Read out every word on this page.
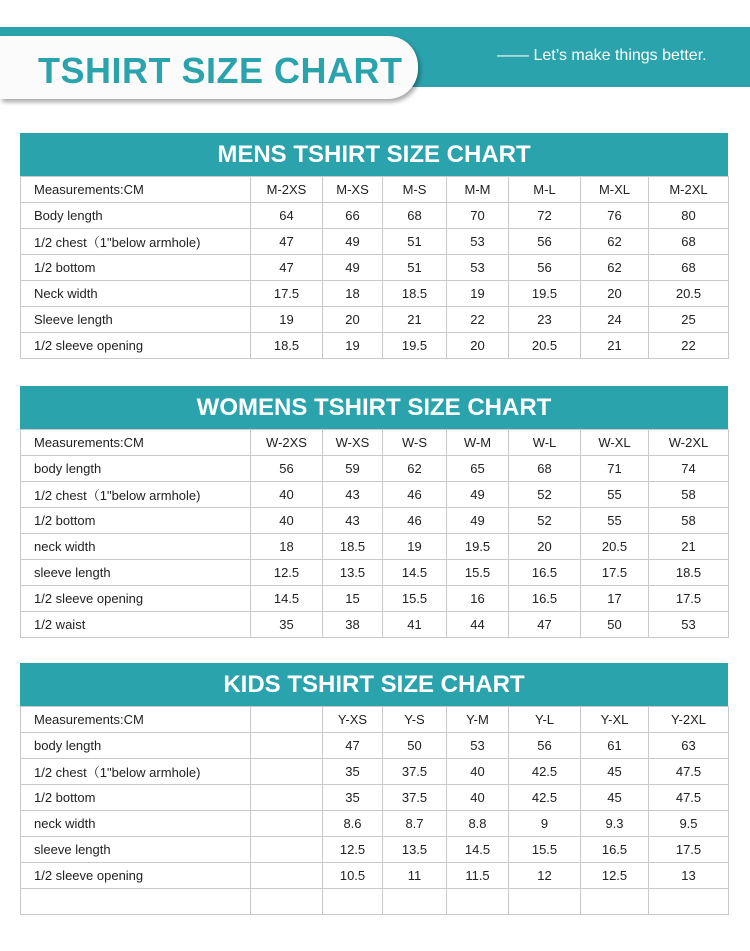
TSHIRT SIZE CHART	—— Let’s make things better.
MENS TSHIRT SIZE CHART
Measurements:CM	M-2XS	M-XS	M-S	M-M	M-L	M-XL	M-2XL
Body length	64	66	68	70	72	76	80
1/2 chest（1"below armhole)	47	49	51	53	56	62	68
1/2 bottom	47	49	51	53	56	62	68
Neck width	17.5	18	18.5	19	19.5	20	20.5
Sleeve length	19	20	21	22	23	24	25
1/2 sleeve opening	18.5	19	19.5	20	20.5	21	22
WOMENS TSHIRT SIZE CHART
Measurements:CM	W-2XS	W-XS	W-S	W-M	W-L	W-XL	W-2XL
body length	56	59	62	65	68	71	74
1/2 chest（1"below armhole)	40	43	46	49	52	55	58
1/2 bottom	40	43	46	49	52	55	58
neck width	18	18.5	19	19.5	20	20.5	21
sleeve length	12.5	13.5	14.5	15.5	16.5	17.5	18.5
1/2 sleeve opening	14.5	15	15.5	16	16.5	17	17.5
1/2 waist	35	38	41	44	47	50	53
KIDS TSHIRT SIZE CHART
Measurements:CM		Y-XS	Y-S	Y-M	Y-L	Y-XL	Y-2XL
body length		47	50	53	56	61	63
1/2 chest（1"below armhole)		35	37.5	40	42.5	45	47.5
1/2 bottom		35	37.5	40	42.5	45	47.5
neck width		8.6	8.7	8.8	9	9.3	9.5
sleeve length		12.5	13.5	14.5	15.5	16.5	17.5
1/2 sleeve opening		10.5	11	11.5	12	12.5	13
